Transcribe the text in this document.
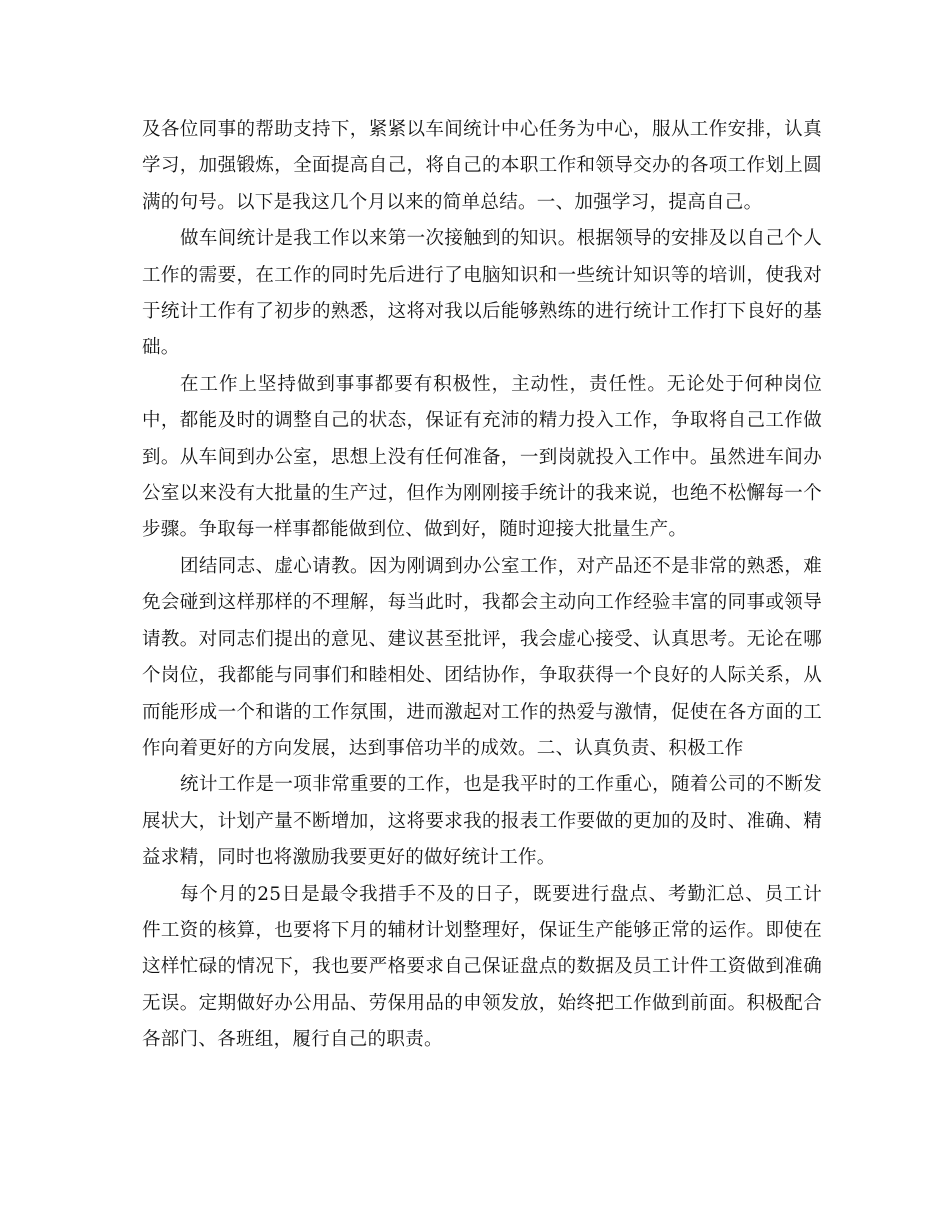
及各位同事的帮助支持下，紧紧以车间统计中心任务为中心，服从工作安排，认真学习，加强锻炼，全面提高自己，将自己的本职工作和领导交办的各项工作划上圆满的句号。以下是我这几个月以来的简单总结。一、加强学习，提高自己。

做车间统计是我工作以来第一次接触到的知识。根据领导的安排及以自己个人工作的需要，在工作的同时先后进行了电脑知识和一些统计知识等的培训，使我对于统计工作有了初步的熟悉，这将对我以后能够熟练的进行统计工作打下良好的基础。

在工作上坚持做到事事都要有积极性，主动性，责任性。无论处于何种岗位中，都能及时的调整自己的状态，保证有充沛的精力投入工作，争取将自己工作做到。从车间到办公室，思想上没有任何准备，一到岗就投入工作中。虽然进车间办公室以来没有大批量的生产过，但作为刚刚接手统计的我来说，也绝不松懈每一个步骤。争取每一样事都能做到位、做到好，随时迎接大批量生产。

团结同志、虚心请教。因为刚调到办公室工作，对产品还不是非常的熟悉，难免会碰到这样那样的不理解，每当此时，我都会主动向工作经验丰富的同事或领导请教。对同志们提出的意见、建议甚至批评，我会虚心接受、认真思考。无论在哪个岗位，我都能与同事们和睦相处、团结协作，争取获得一个良好的人际关系，从而能形成一个和谐的工作氛围，进而激起对工作的热爱与激情，促使在各方面的工作向着更好的方向发展，达到事倍功半的成效。二、认真负责、积极工作

统计工作是一项非常重要的工作，也是我平时的工作重心，随着公司的不断发展状大，计划产量不断增加，这将要求我的报表工作要做的更加的及时、准确、精益求精，同时也将激励我要更好的做好统计工作。

每个月的25日是最令我措手不及的日子，既要进行盘点、考勤汇总、员工计件工资的核算，也要将下月的辅材计划整理好，保证生产能够正常的运作。即使在这样忙碌的情况下，我也要严格要求自己保证盘点的数据及员工计件工资做到准确无误。定期做好办公用品、劳保用品的申领发放，始终把工作做到前面。积极配合各部门、各班组，履行自己的职责。
